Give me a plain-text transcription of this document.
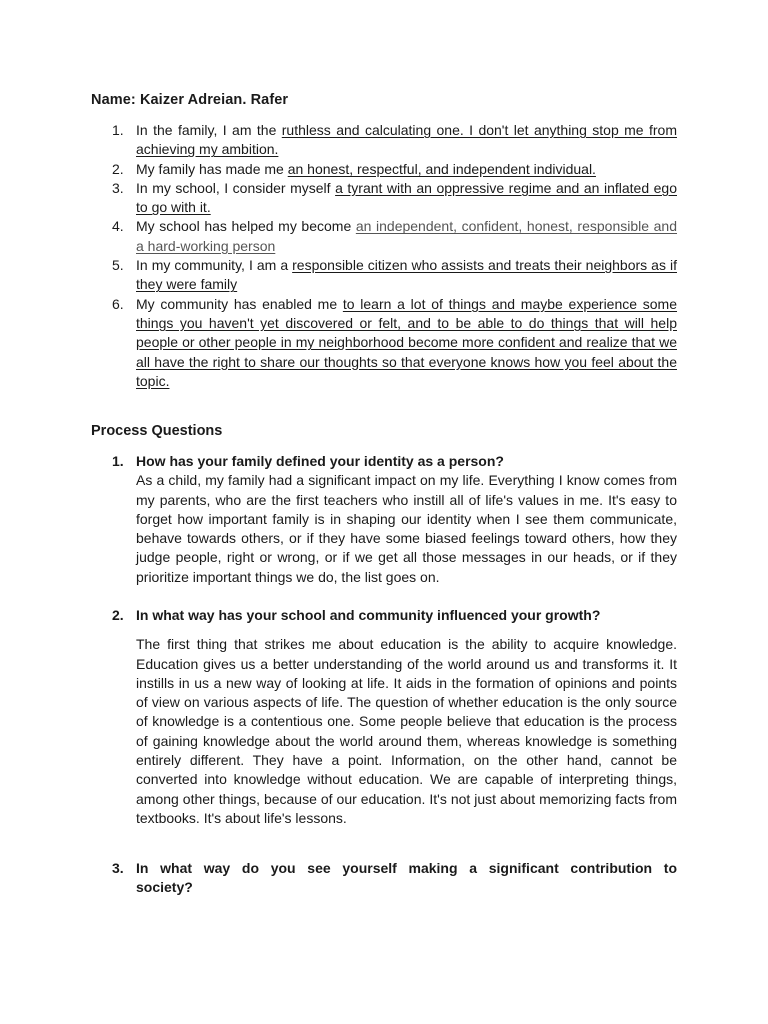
Name: Kaizer Adreian. Rafer
1. In the family, I am the ruthless and calculating one. I don't let anything stop me from achieving my ambition.
2. My family has made me an honest, respectful, and independent individual.
3. In my school, I consider myself a tyrant with an oppressive regime and an inflated ego to go with it.
4. My school has helped my become an independent, confident, honest, responsible and a hard-working person
5. In my community, I am a responsible citizen who assists and treats their neighbors as if they were family
6. My community has enabled me to learn a lot of things and maybe experience some things you haven't yet discovered or felt, and to be able to do things that will help people or other people in my neighborhood become more confident and realize that we all have the right to share our thoughts so that everyone knows how you feel about the topic.
Process Questions
1. How has your family defined your identity as a person?
As a child, my family had a significant impact on my life. Everything I know comes from my parents, who are the first teachers who instill all of life's values in me. It's easy to forget how important family is in shaping our identity when I see them communicate, behave towards others, or if they have some biased feelings toward others, how they judge people, right or wrong, or if we get all those messages in our heads, or if they prioritize important things we do, the list goes on.
2. In what way has your school and community influenced your growth?
The first thing that strikes me about education is the ability to acquire knowledge. Education gives us a better understanding of the world around us and transforms it. It instills in us a new way of looking at life. It aids in the formation of opinions and points of view on various aspects of life. The question of whether education is the only source of knowledge is a contentious one. Some people believe that education is the process of gaining knowledge about the world around them, whereas knowledge is something entirely different. They have a point. Information, on the other hand, cannot be converted into knowledge without education. We are capable of interpreting things, among other things, because of our education. It's not just about memorizing facts from textbooks. It's about life's lessons.
3. In what way do you see yourself making a significant contribution to society?
